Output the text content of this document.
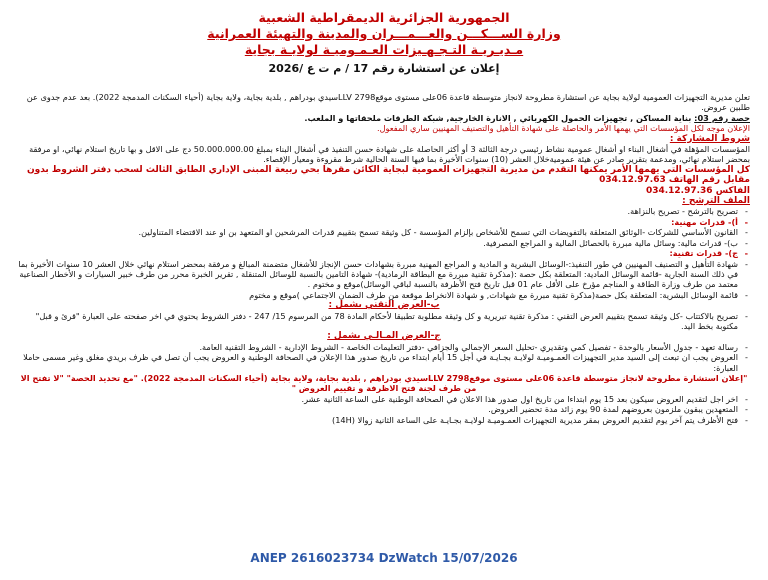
الجمهورية الجزائرية الديمقراطية الشعبية
وزارة الســـكـــن والعـــمـــران والمدينة والتهيئة العمرانية
مـديـريـة التـجـهـيزات العـمـوميـة لولايـة بجاية
إعلان عن استشارة رقم 17 / م ت ع /2026

تعلن مديرية التجهيزات العمومية لولاية بجاية عن استشارة مطروحة لانجاز متوسطة قاعدة 06على مستوى موقعLLV 2798سيدي بودراهم , بلدية بجاية، ولاية بجاية (أحياء السكنات المدمجة 2022). بعد عدم جدوى عن طلبين عروض.

حصة رقم 03: بناية المساكن , تجهيزات الحمول الكهربائي , الانارة الخارجية, شبكة الطرقات ملحقاتها و الملعب.

الإعلان موجه لكل المؤسسات التي يهمها الأمر والحاصلة على شهادة التأهيل والتصنيف المهنيين ساري المفعول.

شروط المشاركة :

المؤسسات المؤهلة في أشغال البناء او أشغال عمومية نشاط رئيسي درجة الثالثة 3 أو أكثر الحاصلة على شهادة حسن التنفيذ في أشغال البناء بمبلغ 50.000.000.00 دج على الاقل و بها تاريخ استلام نهائي، او مرفقة بمحضر استلام نهائي، ومدعمة بتقرير صادر عن هيئة عموميةخلال العشر (10) سنوات الأخيرة بما فيها السنة الحالية شرط مقروءة ومعيار الإقصاء.

كل المؤسسات التي يهمها الأمر يمكنها التقدم من مديرية التجهيزات العمومية لبجاية الكائن مقرها بحي ربيعة المبنى الإداري الطابق الثالث لسحب دفتر الشروط بدون مقابل رقم الهاتف 034.12.97.63

الفاكس 034.12.97.36

الملف الترشح :

- تصريح بالترشح - تصريح بالنزاهة.

- أ)- قدرات مهنية:

- القانون الأساسي للشركات -الوثائق المتعلقة بالتفويضات التي تسمح للأشخاص بإلزام المؤسسة - كل وثيقة تسمح بتقييم قدرات المرشحين او المتعهد بن او عند الاقتضاء المتناولين.

- ب)- قدرات مالية: وسائل مالية مبررة بالحصائل المالية و المراجع المصرفية.

- ج)- قدرات تقنية:

- شهادة التأهيل و التصنيف المهنيين في طور التنفيذ:-الوسائل البشرية و المادية و المراجع المهنية مبررة بشهادات حسن الإنجاز للأشغال متضمنة المبالغ و مرفقة بمحضر استلام نهائي خلال العشر 10 سنوات الأخيرة بما في ذلك السنة الجارية -قائمة الوسائل المادية: المتعلقة بكل حصة :(مذكرة تقنية مبررة مع البطاقة الرمادية)- شهادة التامين بالنسبة للوسائل المتنقلة , تقرير الخبرة محرر من طرف خبير السيارات و الأخطار الصناعية معتمد من طرف وزارة الطاقة و المناجم مؤرخ على الأقل عام 01 قبل تاريخ فتح الأظرفة بالنسبة لباقي الوسائل)موقع و مختوم .

- قائمة الوسائل البشرية: المتعلقة بكل حصة(مذكرة تقنية مبررة مع شهادات, و شهادة الانخراط موقعة من طرف الضمان الاجتماعي )موقع و مختوم

ب-العرض التقني يشمل :

- تصريح بالاكتتاب -كل وثيقة تسمح بتقييم العرض التقني : مذكرة تقنية تبريرية و كل وثيقة مطلوبة تطبيقا لأحكام المادة 78 من المرسوم 15/ 247 - دفتر الشروط يحتوي في اخر صفحته على العبارة "قرئ و قبل" مكتوبة بخط اليد.

ج-العرض المـالـي يشمل :

- رسالة تعهد - جدول الأسعار بالوحدة - تفصيل كمي وتقديري -تحليل السعر الإجمالي والجزافي -دفتر التعليمات الخاصة - الشروط الإدارية - الشروط التقنية العامة.

- العروض يجب ان تبعث إلى السيد مدير التجهيزات العمـوميـة لولايـة بجـايـة في أجل 15 أيام ابتداء من تاريخ صدور هذا الإعلان في الصحافة الوطنية و العروض يجب أن تصل في ظرف بريدي مغلق وغير مسمى حاملا العبارة:

"إعلان استشارة مطروحة لانجاز متوسطة قاعدة 06على مستوى موقعLLV 2798سيدي بودراهم , بلدية بجاية، ولاية بجاية (أحياء السكنات المدمجة 2022). "مع تحديد الحصة" "لا تفتح الا من طرف لجنة فتح الاظرفة و تقييم العروض "

- اخر اجل لتقديم العروض سيكون بعد 15 يوم ابتداءا من تاريخ اول صدور هذا الاعلان في الصحافة الوطنية على الساعة الثانية عشر.

- المتعهدين يبقون ملزمون بعروضهم لمدة 90 يوم زائد مدة تحضير العروض.

- فتح الأظرف يتم آخر يوم لتقديم العروض بمقر مديرية التجهيزات العمـوميـة لولايـة بجـايـة على الساعة الثانية زوالا (14H)

ANEP 2616023734 DzWatch 15/07/2026
